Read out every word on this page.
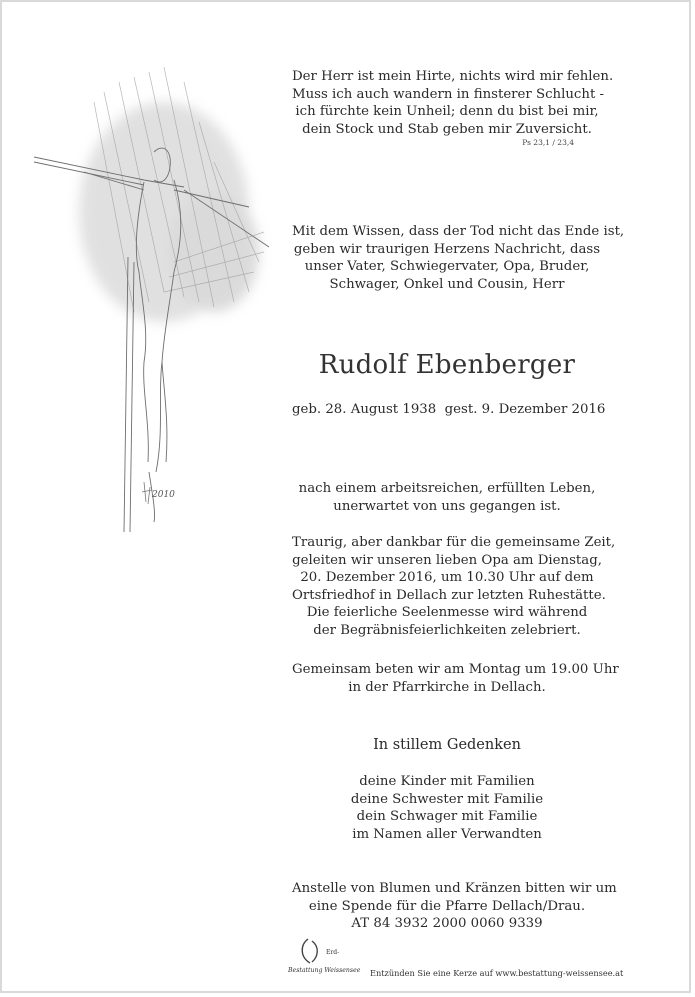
2010
Der Herr ist mein Hirte, nichts wird mir fehlen.
Muss ich auch wandern in finsterer Schlucht -
ich fürchte kein Unheil; denn du bist bei mir,
dein Stock und Stab geben mir Zuversicht.
Ps 23,1 / 23,4
Mit dem Wissen, dass der Tod nicht das Ende ist,
geben wir traurigen Herzens Nachricht, dass
unser Vater, Schwiegervater, Opa, Bruder,
Schwager, Onkel und Cousin, Herr
Rudolf Ebenberger
geb. 28. August 1938  gest. 9. Dezember 2016
nach einem arbeitsreichen, erfüllten Leben,
unerwartet von uns gegangen ist.
Traurig, aber dankbar für die gemeinsame Zeit,
geleiten wir unseren lieben Opa am Dienstag,
20. Dezember 2016, um 10.30 Uhr auf dem
Ortsfriedhof in Dellach zur letzten Ruhestätte.
Die feierliche Seelenmesse wird während
der Begräbnisfeierlichkeiten zelebriert.
Gemeinsam beten wir am Montag um 19.00 Uhr
in der Pfarrkirche in Dellach.
In stillem Gedenken
deine Kinder mit Familien
deine Schwester mit Familie
dein Schwager mit Familie
im Namen aller Verwandten
Anstelle von Blumen und Kränzen bitten wir um
eine Spende für die Pfarre Dellach/Drau.
AT 84 3932 2000 0060 9339
Erd-
Bestattung Weissensee Entzünden Sie eine Kerze auf www.bestattung-weissensee.at
